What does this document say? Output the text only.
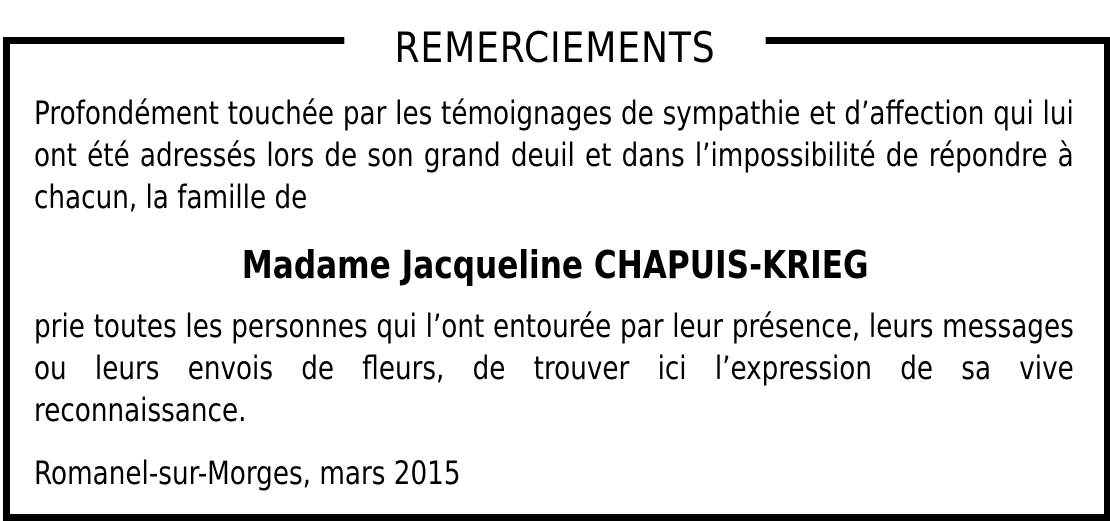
REMERCIEMENTS
Profondément touchée par les témoignages de sympathie et d’affection qui lui ont été adressés lors de son grand deuil et dans l’impossibilité de répondre à chacun, la famille de
Madame Jacqueline CHAPUIS-KRIEG
prie toutes les personnes qui l’ont entourée par leur présence, leurs messages ou leurs envois de fleurs, de trouver ici l’expression de sa vive reconnaissance.
Romanel-sur-Morges, mars 2015
